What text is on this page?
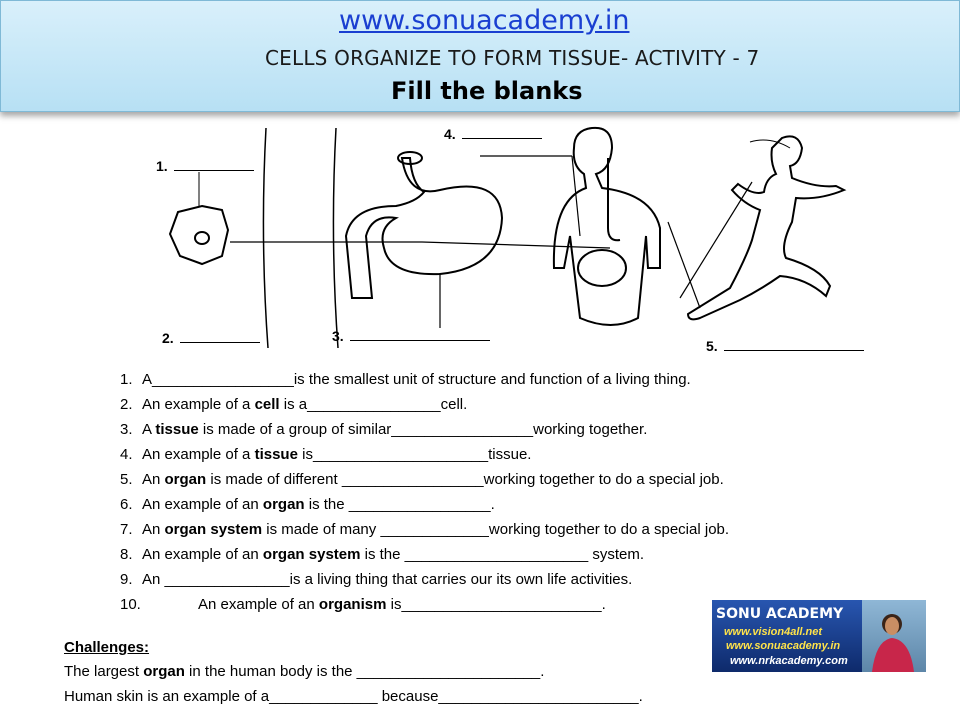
www.sonuacademy.in
CELLS ORGANIZE TO FORM TISSUE- ACTIVITY - 7
Fill the blanks
1.
2.	3.
4.
5.
1. A_________________is the smallest unit of structure and function of a living thing.
2. An example of a cell is a________________cell.
3. A tissue is made of a group of similar_________________working together.
4. An example of a tissue is_____________________tissue.
5. An organ is made of different _________________working together to do a special job.
6. An example of an organ is the _________________.
7. An organ system is made of many _____________working together to do a special job.
8. An example of an organ system is the ______________________ system.
9. An _______________is a living thing that carries our its own life activities.
10.	An example of an organism is________________________.
Challenges:
The largest organ in the human body is the ______________________.
Human skin is an example of a_____________ because________________________.
SONU ACADEMY
www.vision4all.net
www.sonuacademy.in
www.nrkacademy.com
